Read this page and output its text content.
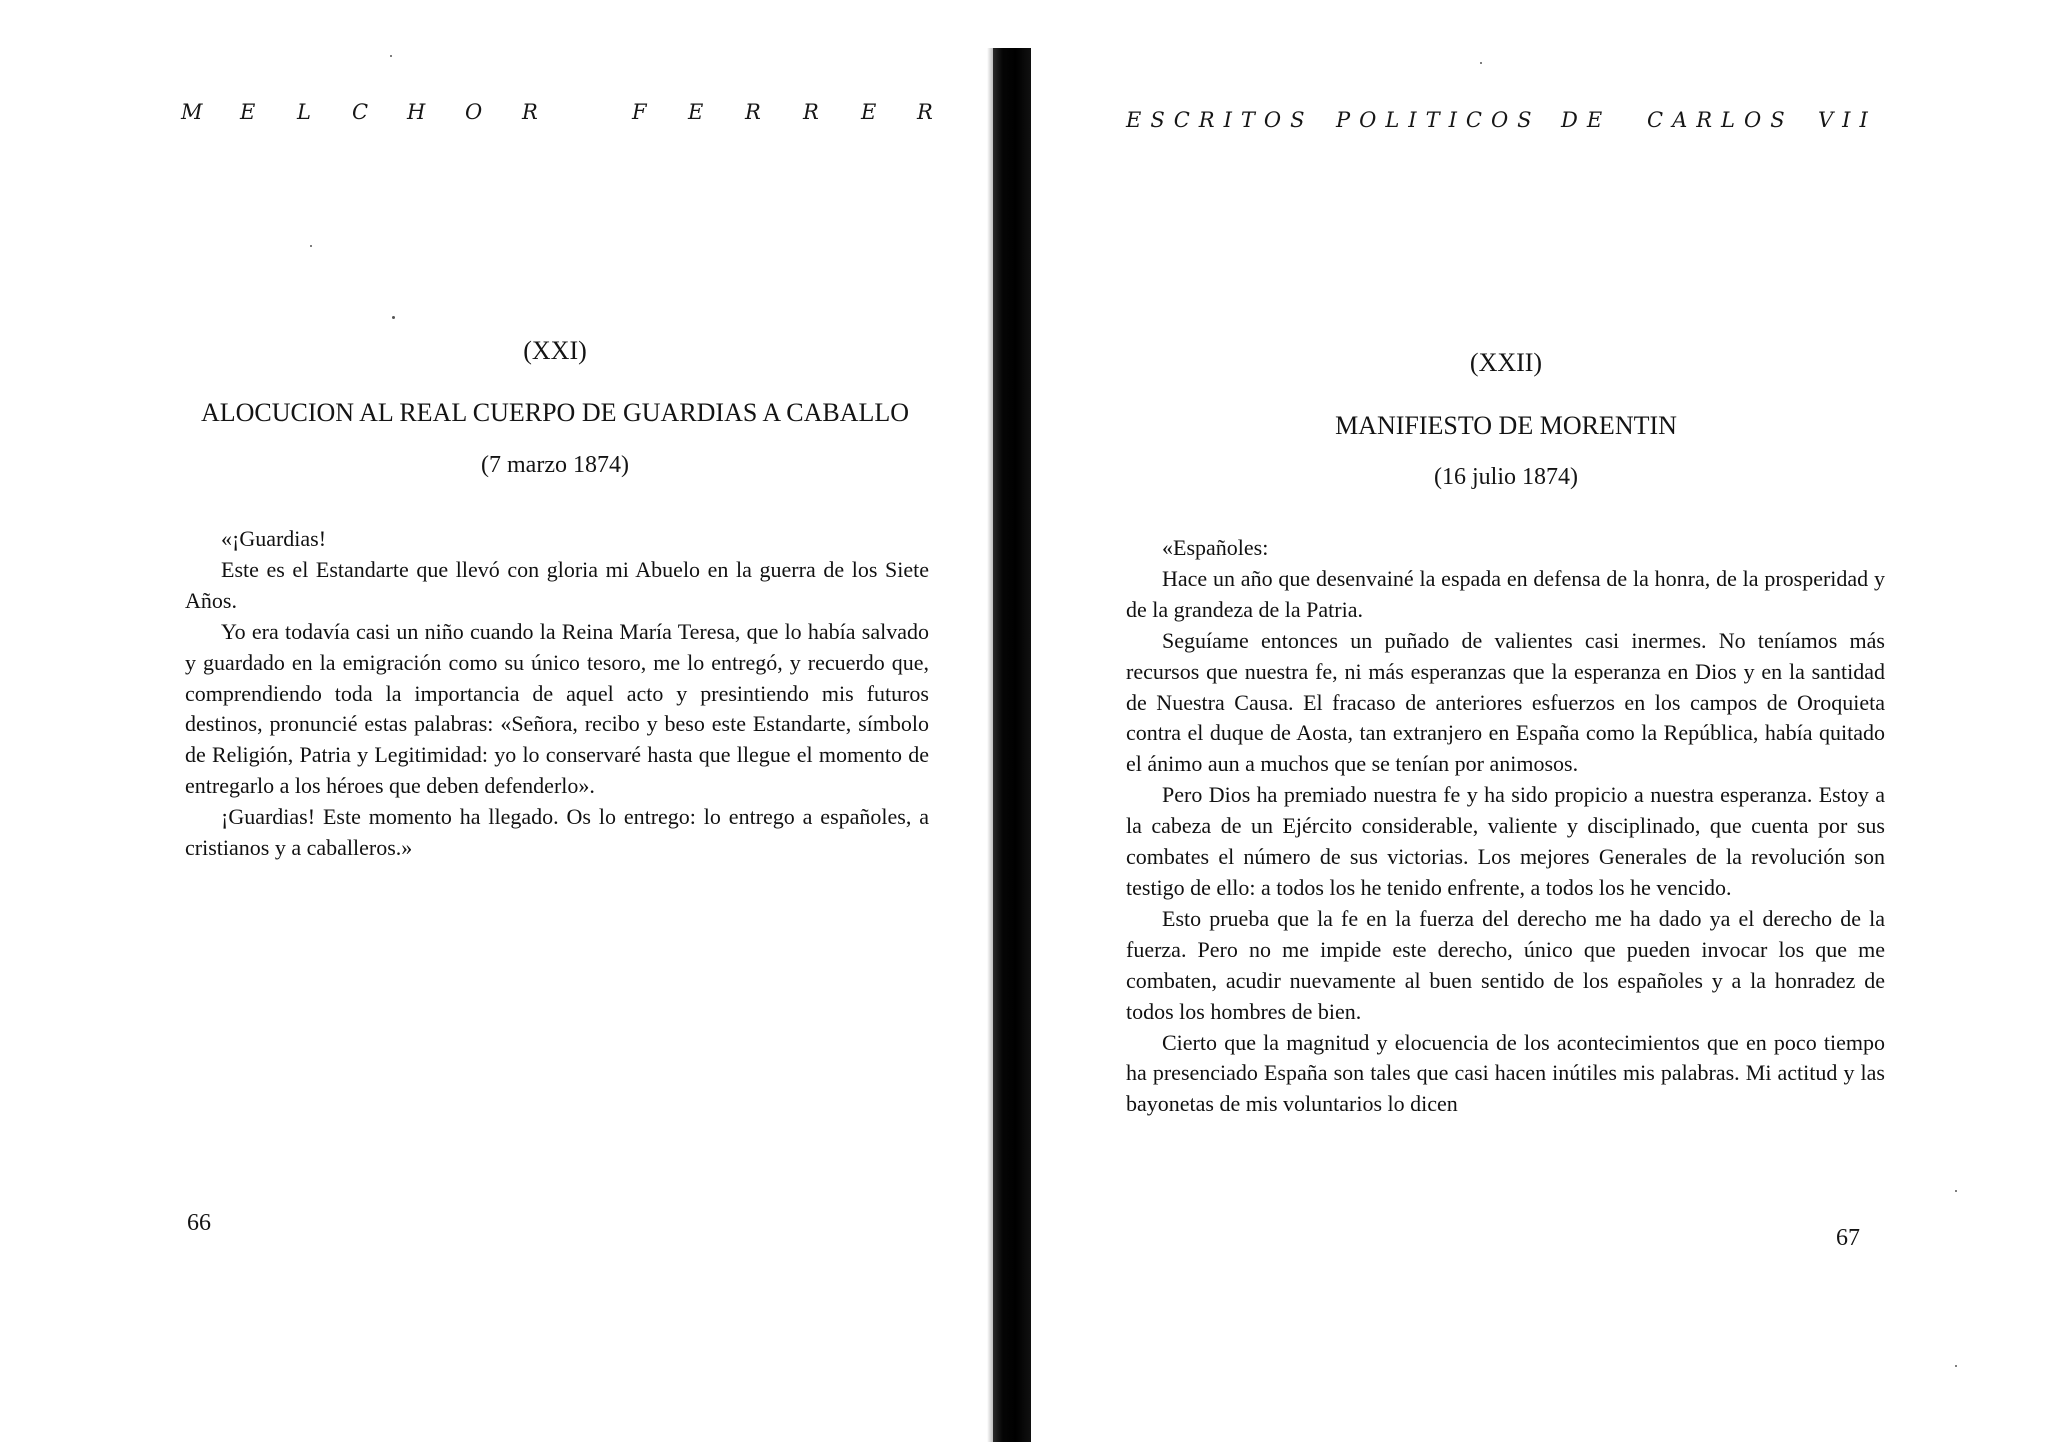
M E L C H O R	F E R R E R
(XXI)
ALOCUCION AL REAL CUERPO DE GUARDIAS A CABALLO
(7 marzo 1874)

«¡Guardias!

Este es el Estandarte que llevó con gloria mi Abuelo en la guerra de los Siete Años.

Yo era todavía casi un niño cuando la Reina María Teresa, que lo había salvado y guardado en la emigración como su único tesoro, me lo entregó, y recuerdo que, comprendiendo toda la importancia de aquel acto y presintiendo mis futuros destinos, pronuncié estas palabras: «Señora, recibo y beso este Estandarte, símbolo de Religión, Patria y Legitimidad: yo lo conservaré hasta que llegue el momento de entregarlo a los héroes que deben defenderlo».

¡Guardias! Este momento ha llegado. Os lo entrego: lo entrego a españoles, a cristianos y a caballeros.»

66
ESCRITOS POLITICOS DE CARLOS VII
(XXII)
MANIFIESTO DE MORENTIN
(16 julio 1874)

«Españoles:

Hace un año que desenvainé la espada en defensa de la honra, de la prosperidad y de la grandeza de la Patria.

Seguíame entonces un puñado de valientes casi inermes. No teníamos más recursos que nuestra fe, ni más esperanzas que la esperanza en Dios y en la santidad de Nuestra Causa. El fracaso de anteriores esfuerzos en los campos de Oroquieta contra el duque de Aosta, tan extranjero en España como la República, había quitado el ánimo aun a muchos que se tenían por animosos.

Pero Dios ha premiado nuestra fe y ha sido propicio a nuestra esperanza. Estoy a la cabeza de un Ejército considerable, valiente y disciplinado, que cuenta por sus combates el número de sus victorias. Los mejores Generales de la revolución son testigo de ello: a todos los he tenido enfrente, a todos los he vencido.

Esto prueba que la fe en la fuerza del derecho me ha dado ya el derecho de la fuerza. Pero no me impide este derecho, único que pueden invocar los que me combaten, acudir nuevamente al buen sentido de los españoles y a la honradez de todos los hombres de bien.

Cierto que la magnitud y elocuencia de los acontecimientos que en poco tiempo ha presenciado España son tales que casi hacen inútiles mis palabras. Mi actitud y las bayonetas de mis voluntarios lo dicen

67
